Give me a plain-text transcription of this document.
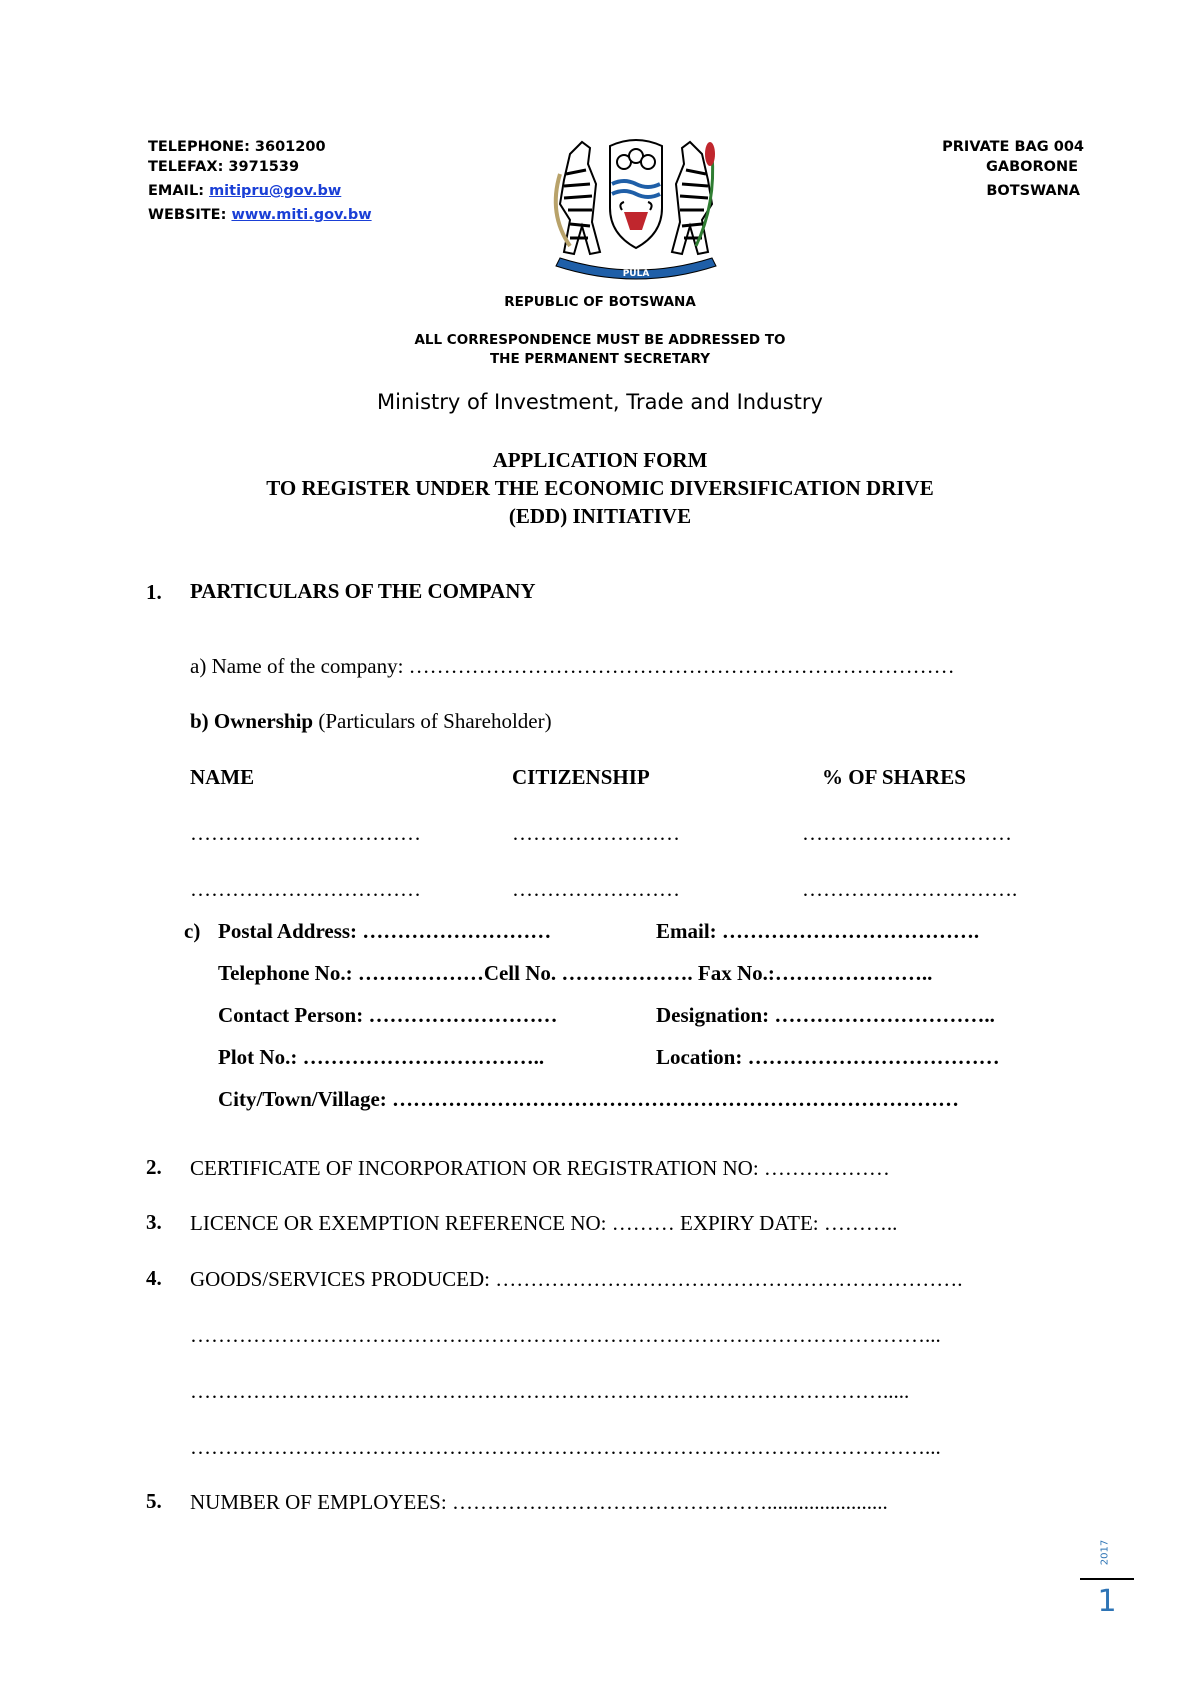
TELEPHONE: 3601200
TELEFAX: 3971539
EMAIL: mitipru@gov.bw
WEBSITE: www.miti.gov.bw
PRIVATE BAG 004
GABORONE
BOTSWANA
PULA
REPUBLIC OF BOTSWANA
ALL CORRESPONDENCE MUST BE ADDRESSED TO
THE PERMANENT SECRETARY
Ministry of Investment, Trade and Industry
APPLICATION FORM
TO REGISTER UNDER THE ECONOMIC DIVERSIFICATION DRIVE
(EDD) INITIATIVE
1. PARTICULARS OF THE COMPANY
a) Name of the company: ……………………………………………………………………
b) Ownership (Particulars of Shareholder)
NAME	CITIZENSHIP	% OF SHARES
……………………………	……………………	…………………………
……………………………	……………………	………………………….
c) Postal Address: ………………………	Email: ……………………………….
Telephone No.: ………………Cell No. ………………. Fax No.:…………………..
Contact Person: ………………………	Designation: …………………………..
Plot No.: ……………………………..	Location: ………………………………
City/Town/Village: ………………………………………………………………………
2. CERTIFICATE OF INCORPORATION OR REGISTRATION NO: ………………
3. LICENCE OR EXEMPTION REFERENCE NO: ……… EXPIRY DATE: ………..
4. GOODS/SERVICES PRODUCED: ………………………………………………………….
……………………………………………………………………………………………...
……………………………………………………………………………………….....
……………………………………………………………………………………………...
5. NUMBER OF EMPLOYEES: ……………………………………….......................
2017
1
